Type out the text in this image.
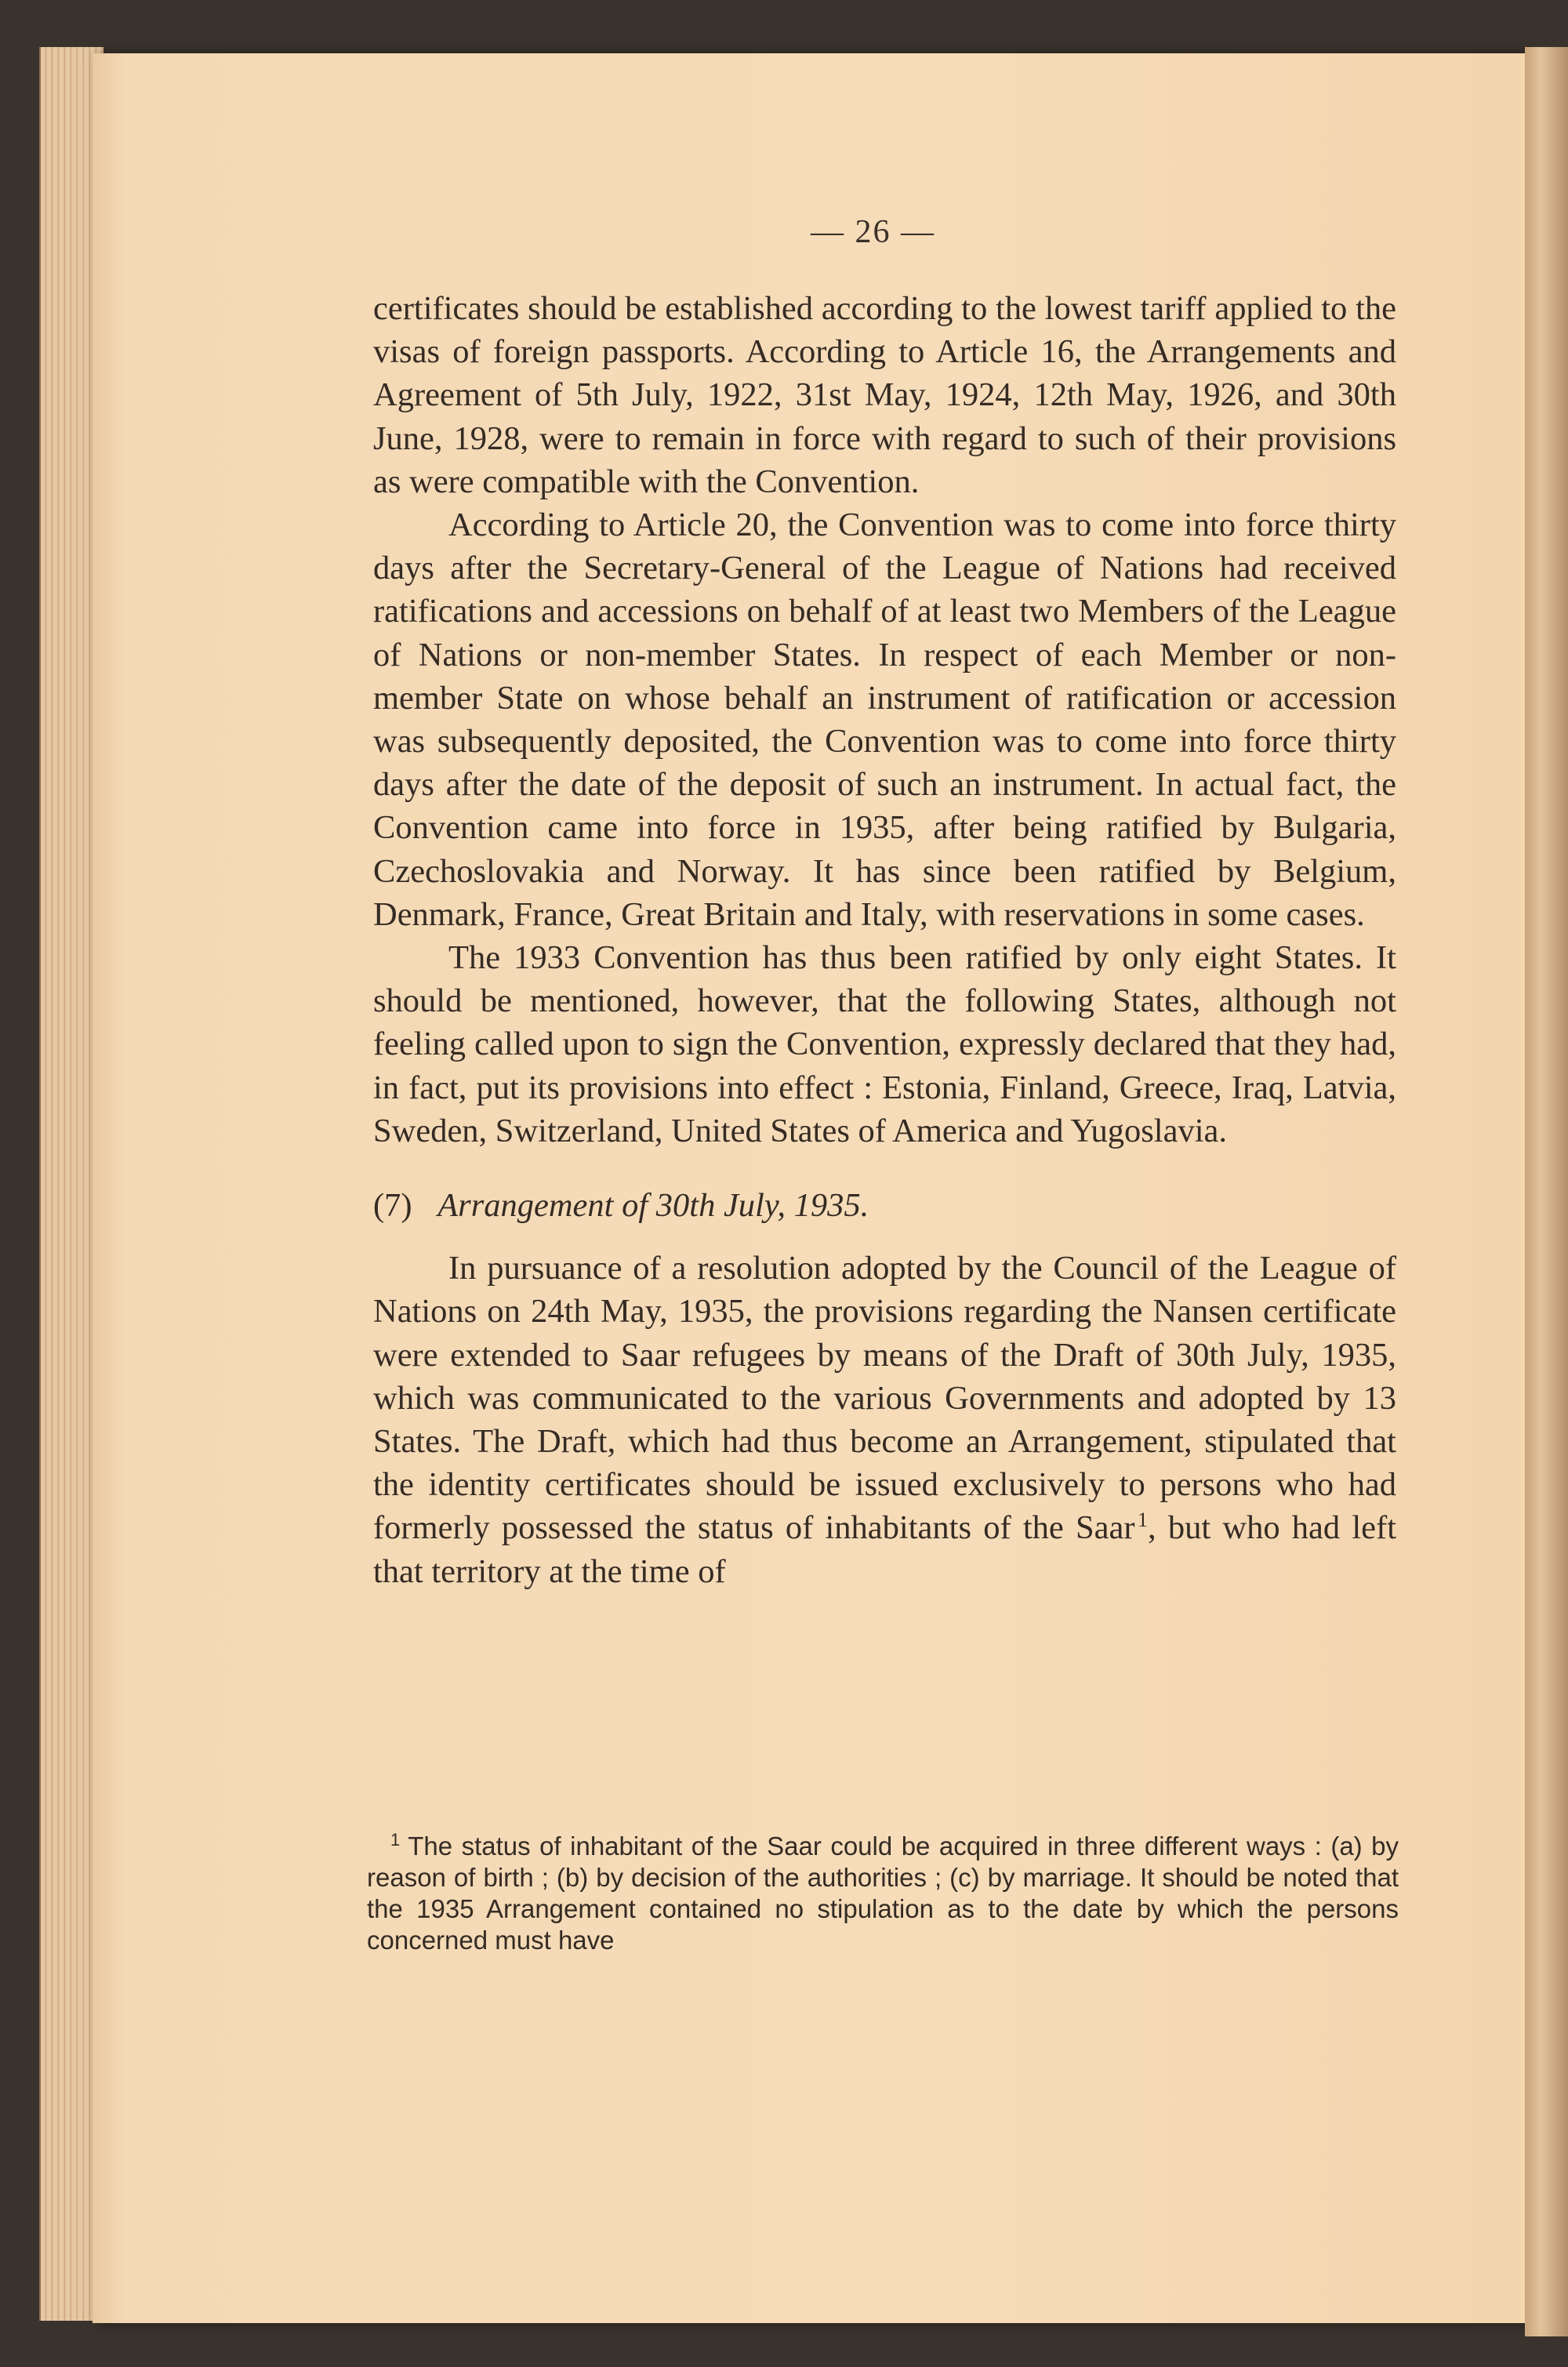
— 26 —

certificates should be established according to the lowest tariff applied to the visas of foreign passports. According to Article 16, the Arrangements and Agreement of 5th July, 1922, 31st May, 1924, 12th May, 1926, and 30th June, 1928, were to remain in force with regard to such of their provisions as were compatible with the Convention.

According to Article 20, the Convention was to come into force thirty days after the Secretary-General of the League of Nations had received ratifications and accessions on behalf of at least two Members of the League of Nations or non-member States. In respect of each Member or non-member State on whose behalf an instrument of ratification or accession was subsequently deposited, the Convention was to come into force thirty days after the date of the deposit of such an instrument. In actual fact, the Convention came into force in 1935, after being ratified by Bulgaria, Czechoslovakia and Norway. It has since been ratified by Belgium, Denmark, France, Great Britain and Italy, with reservations in some cases.

The 1933 Convention has thus been ratified by only eight States. It should be mentioned, however, that the following States, although not feeling called upon to sign the Convention, expressly declared that they had, in fact, put its provisions into effect : Estonia, Finland, Greece, Iraq, Latvia, Sweden, Switzerland, United States of America and Yugoslavia.

(7) Arrangement of 30th July, 1935.

In pursuance of a resolution adopted by the Council of the League of Nations on 24th May, 1935, the provisions regarding the Nansen certificate were extended to Saar refugees by means of the Draft of 30th July, 1935, which was communicated to the various Governments and adopted by 13 States. The Draft, which had thus become an Arrangement, stipulated that the identity certificates should be issued exclusively to persons who had formerly possessed the status of inhabitants of the Saar  $^1$, but who had left that territory at the time of

$^1$ The status of inhabitant of the Saar could be acquired in three different ways : (a) by reason of birth ; (b) by decision of the authorities ; (c) by marriage. It should be noted that the 1935 Arrangement contained no stipulation as to the date by which the persons concerned must have
